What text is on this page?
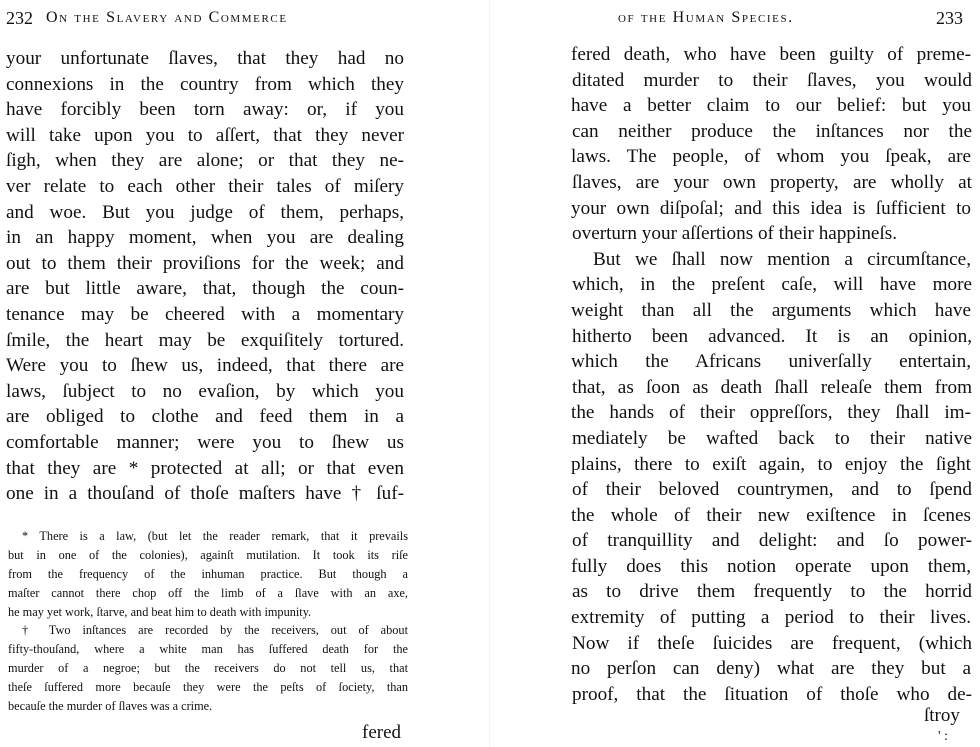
232 On the Slavery and Commerce
your unfortunate ſlaves, that they had no
connexions in the country from which they
have forcibly been torn away: or, if you
will take upon you to aſſert, that they never
ſigh, when they are alone; or that they ne-
ver relate to each other their tales of miſery
and woe. But you judge of them, perhaps,
in an happy moment, when you are dealing
out to them their proviſions for the week; and
are but little aware, that, though the coun-
tenance may be cheered with a momentary
ſmile, the heart may be exquiſitely tortured.
Were you to ſhew us, indeed, that there are
laws, ſubject to no evaſion, by which you
are obliged to clothe and feed them in a
comfortable manner; were you to ſhew us
that they are * protected at all; or that even
one in a thouſand of thoſe maſters have † ſuf-
* There is a law, (but let the reader remark, that it prevails
but in one of the colonies), againſt mutilation. It took its riſe
from the frequency of the inhuman practice. But though a
maſter cannot there chop off the limb of a ſlave with an axe,
he may yet work, ſtarve, and beat him to death with impunity.
† Two inſtances are recorded by the receivers, out of about
fifty-thouſand, where a white man has ſuffered death for the
murder of a negroe; but the receivers do not tell us, that
theſe ſuffered more becauſe they were the peſts of ſociety, than
becauſe the murder of ſlaves was a crime.
fered
of the Human Species.	233
fered death, who have been guilty of preme-
ditated murder to their ſlaves, you would
have a better claim to our belief: but you
can neither produce the inſtances nor the
laws. The people, of whom you ſpeak, are
ſlaves, are your own property, are wholly at
your own diſpoſal; and this idea is ſufficient to
overturn your aſſertions of their happineſs.
But we ſhall now mention a circumſtance,
which, in the preſent caſe, will have more
weight than all the arguments which have
hitherto been advanced. It is an opinion,
which the Africans univerſally entertain,
that, as ſoon as death ſhall releaſe them from
the hands of their oppreſſors, they ſhall im-
mediately be wafted back to their native
plains, there to exiſt again, to enjoy the ſight
of their beloved countrymen, and to ſpend
the whole of their new exiſtence in ſcenes
of tranquillity and delight: and ſo power-
fully does this notion operate upon them,
as to drive them frequently to the horrid
extremity of putting a period to their lives.
Now if theſe ſuicides are frequent, (which
no perſon can deny) what are they but a
proof, that the ſituation of thoſe who de-
ſtroy
' :
